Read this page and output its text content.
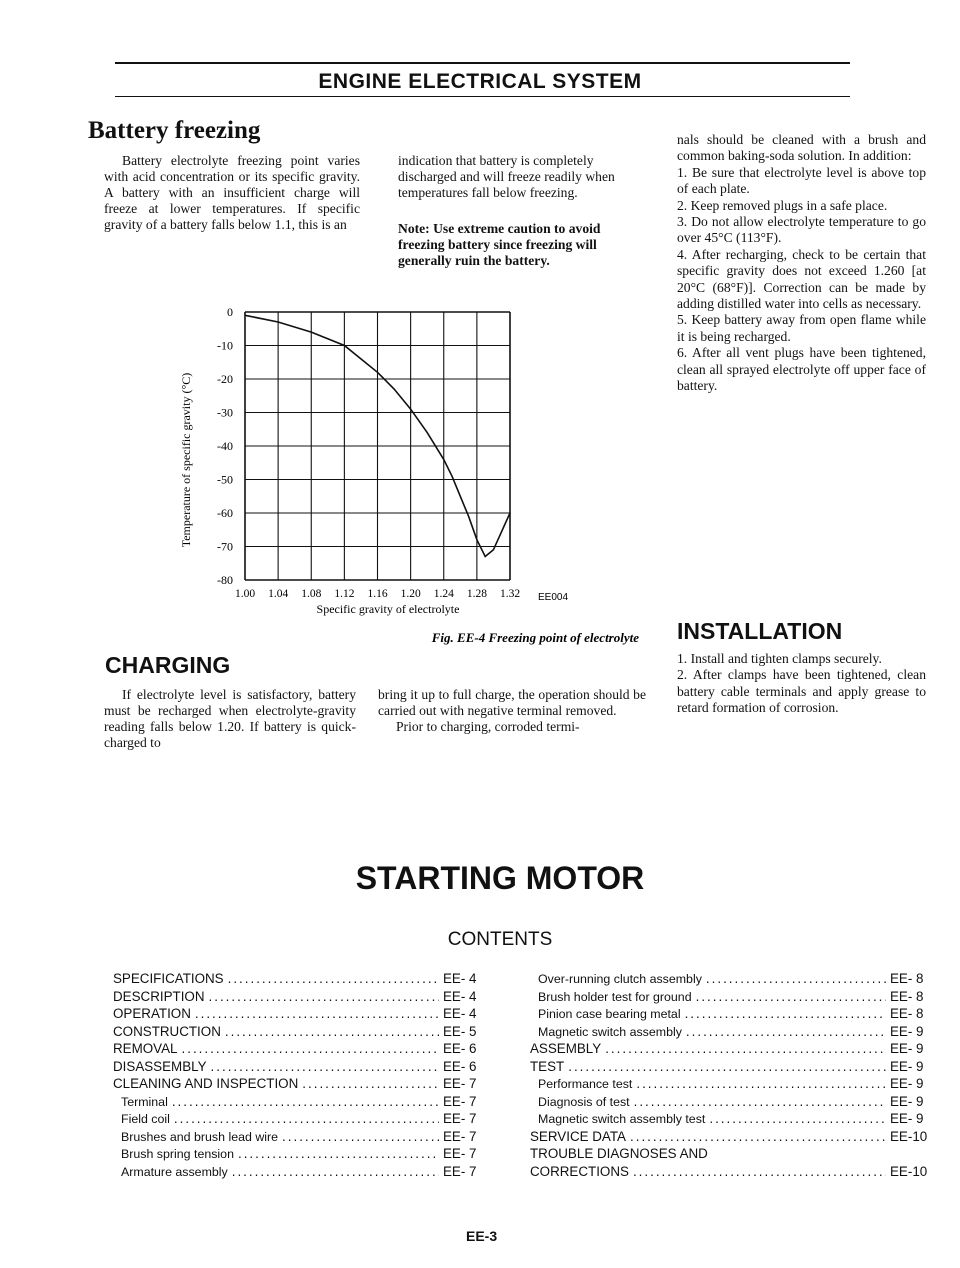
ENGINE ELECTRICAL SYSTEM
Battery freezing

Battery electrolyte freezing point varies with acid concentration or its specific gravity. A battery with an insufficient charge will freeze at lower temperatures. If specific gravity of a battery falls below 1.1, this is an

indication that battery is completely discharged and will freeze readily when temperatures fall below freezing.
Note: Use extreme caution to avoid freezing battery since freezing will generally ruin the battery.
nals should be cleaned with a brush and common baking-soda solution. In addition:
1. Be sure that electrolyte level is above top of each plate.
2. Keep removed plugs in a safe place.
3. Do not allow electrolyte temperature to go over 45°C (113°F).
4. After recharging, check to be certain that specific gravity does not exceed 1.260 [at 20°C (68°F)]. Correction can be made by adding distilled water into cells as necessary.
5. Keep battery away from open flame while it is being recharged.
6. After all vent plugs have been tightened, clean all sprayed electrolyte off upper face of battery.
0
-10
-20
-30
-40
-50
-60
-70
-80
1.00 1.04 1.08 1.12 1.16 1.20 1.24 1.28 1.32
Temperature of specific gravity (°C)
Specific gravity of electrolyte
EE004
Fig. EE-4 Freezing point of electrolyte
CHARGING

If electrolyte level is satisfactory, battery must be recharged when electrolyte-gravity reading falls below 1.20. If battery is quick-charged to

bring it up to full charge, the operation should be carried out with negative terminal removed.

Prior to charging, corroded termi-

INSTALLATION
1. Install and tighten clamps securely.
2. After clamps have been tightened, clean battery cable terminals and apply grease to retard formation of corrosion.
STARTING MOTOR
CONTENTS
SPECIFICATIONS .....	EE- 4
DESCRIPTION .....	EE- 4
OPERATION .....	EE- 4
CONSTRUCTION .....	EE- 5
REMOVAL .....	EE- 6
DISASSEMBLY .....	EE- 6
CLEANING AND INSPECTION .....	EE- 7
Terminal .....	EE- 7
Field coil .....	EE- 7
Brushes and brush lead wire .....	EE- 7
Brush spring tension .....	EE- 7
Armature assembly .....	EE- 7
Over-running clutch assembly .....	EE- 8
Brush holder test for ground .....	EE- 8
Pinion case bearing metal .....	EE- 8
Magnetic switch assembly .....	EE- 9
ASSEMBLY .....	EE- 9
TEST .....	EE- 9
Performance test .....	EE- 9
Diagnosis of test .....	EE- 9
Magnetic switch assembly test .....	EE- 9
SERVICE DATA .....	EE-10
TROUBLE DIAGNOSES AND
CORRECTIONS .....	EE-10
EE-3
